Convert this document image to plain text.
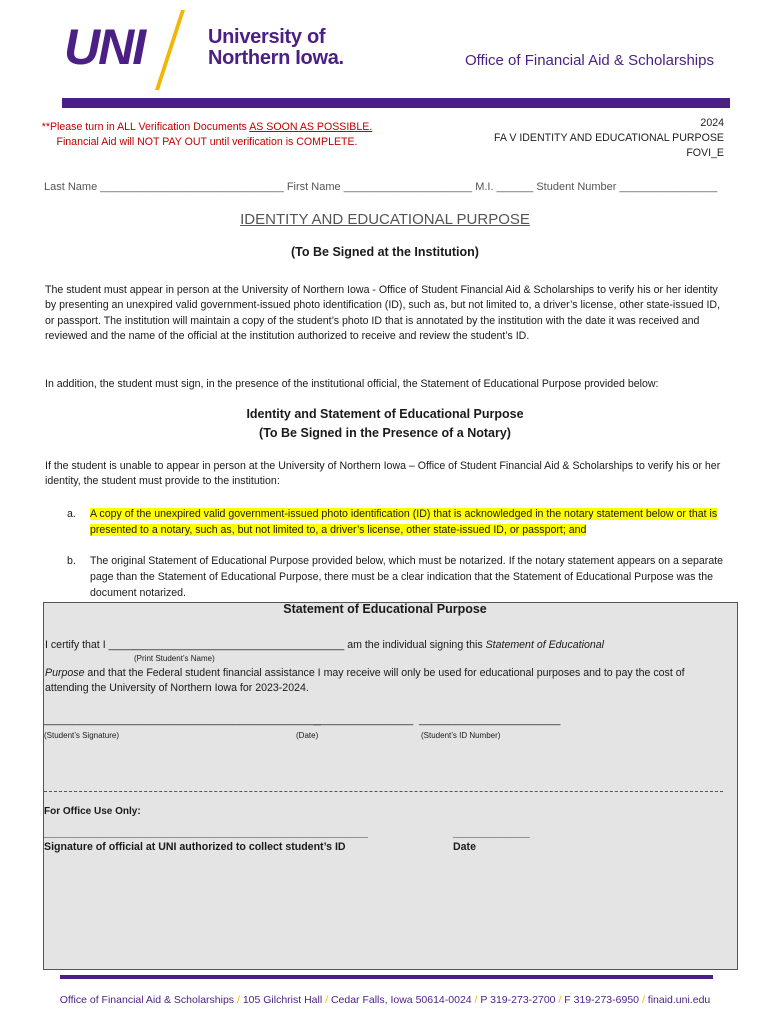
UNI	University of
Northern Iowa.	Office of Financial Aid & Scholarships
**Please turn in ALL Verification Documents AS SOON AS POSSIBLE.
Financial Aid will NOT PAY OUT until verification is COMPLETE.
2024
FA V IDENTITY AND EDUCATIONAL PURPOSE
FOVI_E
Last Name ______________________________ First Name _____________________ M.I. ______ Student Number ________________
IDENTITY AND EDUCATIONAL PURPOSE
(To Be Signed at the Institution)
The student must appear in person at the University of Northern Iowa - Office of Student Financial Aid & Scholarships to verify his or her identity by presenting an unexpired valid government-issued photo identification (ID), such as, but not limited to, a driver’s license, other state-issued ID, or passport. The institution will maintain a copy of the student’s photo ID that is annotated by the institution with the date it was received and reviewed and the name of the official at the institution authorized to receive and review the student’s ID.
In addition, the student must sign, in the presence of the institutional official, the Statement of Educational Purpose provided below:
Identity and Statement of Educational Purpose
(To Be Signed in the Presence of a Notary)
If the student is unable to appear in person at the University of Northern Iowa – Office of Student Financial Aid & Scholarships to verify his or her identity, the student must provide to the institution:
a.	A copy of the unexpired valid government-issued photo identification (ID) that is acknowledged in the notary statement below or that is presented to a notary, such as, but not limited to, a driver’s license, other state-issued ID, or passport; and
b.	The original Statement of Educational Purpose provided below, which must be notarized. If the notary statement appears on a separate page than the Statement of Educational Purpose, there must be a clear indication that the Statement of Educational Purpose was the document notarized.
Statement of Educational Purpose
I certify that I ________________________________________ am the individual signing this Statement of Educational
(Print Student’s Name)
Purpose and that the Federal student financial assistance I may receive will only be used for educational purposes and to pay the cost of attending the University of Northern Iowa for 2023-2024.
_______________________________________________
_________________ ________________________
(Student’s Signature)	(Date)	(Student’s ID Number)
For Office Use Only:
_______________________________________________________	_____________
Signature of official at UNI authorized to collect student’s ID	Date
Office of Financial Aid & Scholarships / 105 Gilchrist Hall / Cedar Falls, Iowa 50614-0024 / P 319-273-2700 / F 319-273-6950 / finaid.uni.edu
